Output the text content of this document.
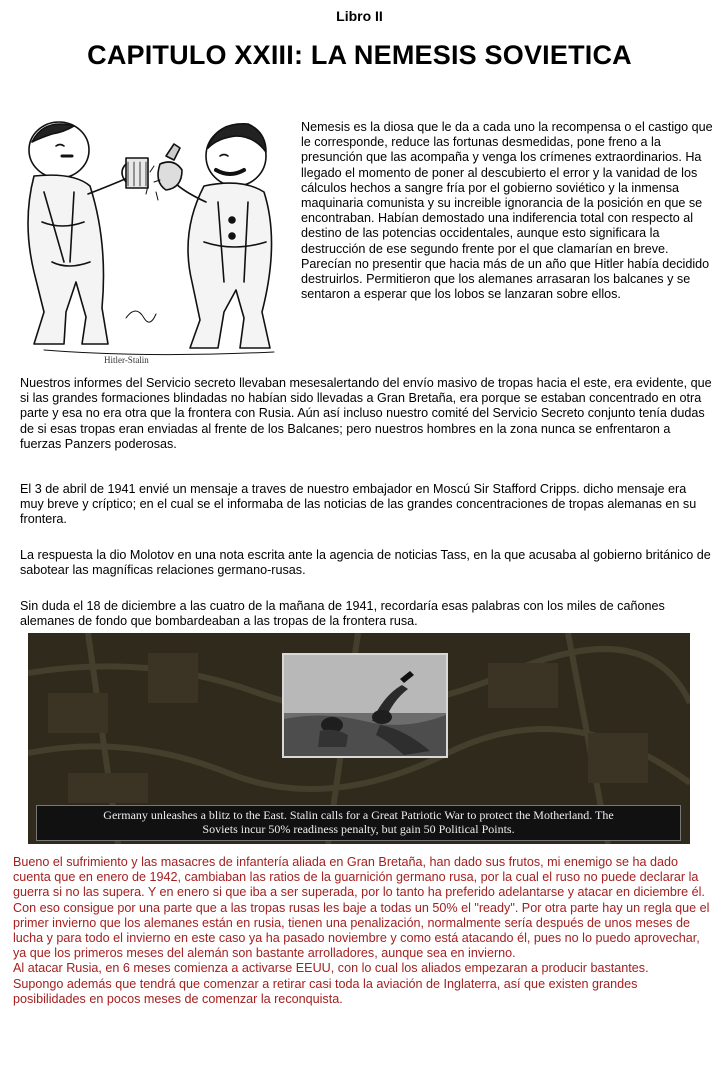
Libro II
CAPITULO XXIII: LA NEMESIS SOVIETICA
Hitler-Stalin
Nemesis es la diosa que le da a cada uno la recompensa o el castigo que le corresponde, reduce las fortunas desmedidas, pone freno a la presunción que las acompaña y venga los crímenes extraordinarios. Ha llegado el momento de poner al descubierto el error y la vanidad de los cálculos hechos a sangre fría por el gobierno soviético y la inmensa maquinaria comunista y su increible ignorancia de la posición en que se encontraban. Habían demostado una indiferencia total con respecto al destino de las potencias occidentales, aunque esto significara la destrucción de ese segundo frente por el que clamarían en breve. Parecían no presentir que hacia más de un año que Hitler había decidido destruirlos. Permitieron que los alemanes arrasaran los balcanes y se sentaron a esperar que los lobos se lanzaran sobre ellos.

Nuestros informes del Servicio secreto llevaban mesesalertando del envío masivo de tropas hacia el este, era evidente, que si las grandes formaciones blindadas no habían sido llevadas a Gran Bretaña, era porque se estaban concentrado en otra parte y esa no era otra que la frontera con Rusia. Aún así incluso nuestro comité del Servicio Secreto conjunto tenía dudas de si esas tropas eran enviadas al frente de los Balcanes; pero nuestros hombres en la zona nunca se enfrentaron a fuerzas Panzers poderosas.

El 3 de abril de 1941 envié un mensaje a traves de nuestro embajador en Moscú Sir Stafford Cripps. dicho mensaje era muy breve y críptico; en el cual se el informaba de las noticias de las grandes concentraciones de tropas alemanas en su frontera.

La respuesta la dio Molotov en una nota escrita ante la agencia de noticias Tass, en la que acusaba al gobierno británico de sabotear las magníficas relaciones germano-rusas.

Sin duda el 18 de diciembre a las cuatro de la mañana de 1941, recordaría esas palabras con los miles de cañones alemanes de fondo que bombardeaban a las tropas de la frontera rusa.

Germany unleashes a blitz to the East. Stalin calls for a Great Patriotic War to protect the Motherland. The
Soviets incur 50% readiness penalty, but gain 50 Political Points.
Bueno el sufrimiento y las masacres de infantería aliada en Gran Bretaña, han dado sus frutos, mi enemigo se ha dado cuenta que en enero de 1942, cambiaban las ratios de la guarnición germano rusa, por la cual el ruso no puede declarar la guerra si no las supera. Y en enero si que iba a ser superada, por lo tanto ha preferido adelantarse y atacar en diciembre él. Con eso consigue por una parte que a las tropas rusas les baje a todas un 50% el "ready". Por otra parte hay un regla que el primer invierno que los alemanes están en rusia, tienen una penalización, normalmente sería después de unos meses de lucha y para todo el invierno en este caso ya ha pasado noviembre y como está atacando él, pues no lo puedo aprovechar, ya que los primeros meses del alemán son bastante arrolladores, aunque sea en invierno.
Al atacar Rusia, en 6 meses comienza a activarse EEUU, con lo cual los aliados empezaran a producir bastantes.
Supongo además que tendrá que comenzar a retirar casi toda la aviación de Inglaterra, así que existen grandes posibilidades en pocos meses de comenzar la reconquista.
